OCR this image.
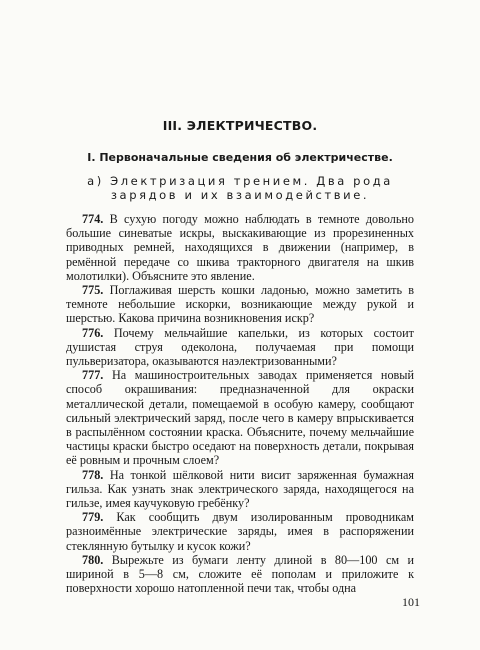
III. ЭЛЕКТРИЧЕСТВО.
I. Первоначальные сведения об электричестве.
а) Электризация трением. Два рода зарядов и их взаимодействие.

774. В сухую погоду можно наблюдать в темноте довольно большие синеватые искры, выскакивающие из прорезиненных приводных ремней, находящихся в движении (например, в ремённой передаче со шкива тракторного двигателя на шкив молотилки). Объясните это явление.

775. Поглаживая шерсть кошки ладонью, можно заметить в темноте небольшие искорки, возникающие между рукой и шерстью. Какова причина возникновения искр?

776. Почему мельчайшие капельки, из которых состоит душистая струя одеколона, получаемая при помощи пульверизатора, оказываются наэлектризованными?

777. На машиностроительных заводах применяется новый способ окрашивания: предназначенной для окраски металлической детали, помещаемой в особую камеру, сообщают сильный электрический заряд, после чего в камеру впрыскивается в распылённом состоянии краска. Объясните, почему мельчайшие частицы краски быстро оседают на поверхность детали, покрывая её ровным и прочным слоем?

778. На тонкой шёлковой нити висит заряженная бумажная гильза. Как узнать знак электрического заряда, находящегося на гильзе, имея каучуковую гребёнку?

779. Как сообщить двум изолированным проводникам разноимённые электрические заряды, имея в распоряжении стеклянную бутылку и кусок кожи?

780. Вырежьте из бумаги ленту длиной в 80—100 см и шириной в 5—8 см, сложите её пополам и приложите к поверхности хорошо натопленной печи так, чтобы одна

101
